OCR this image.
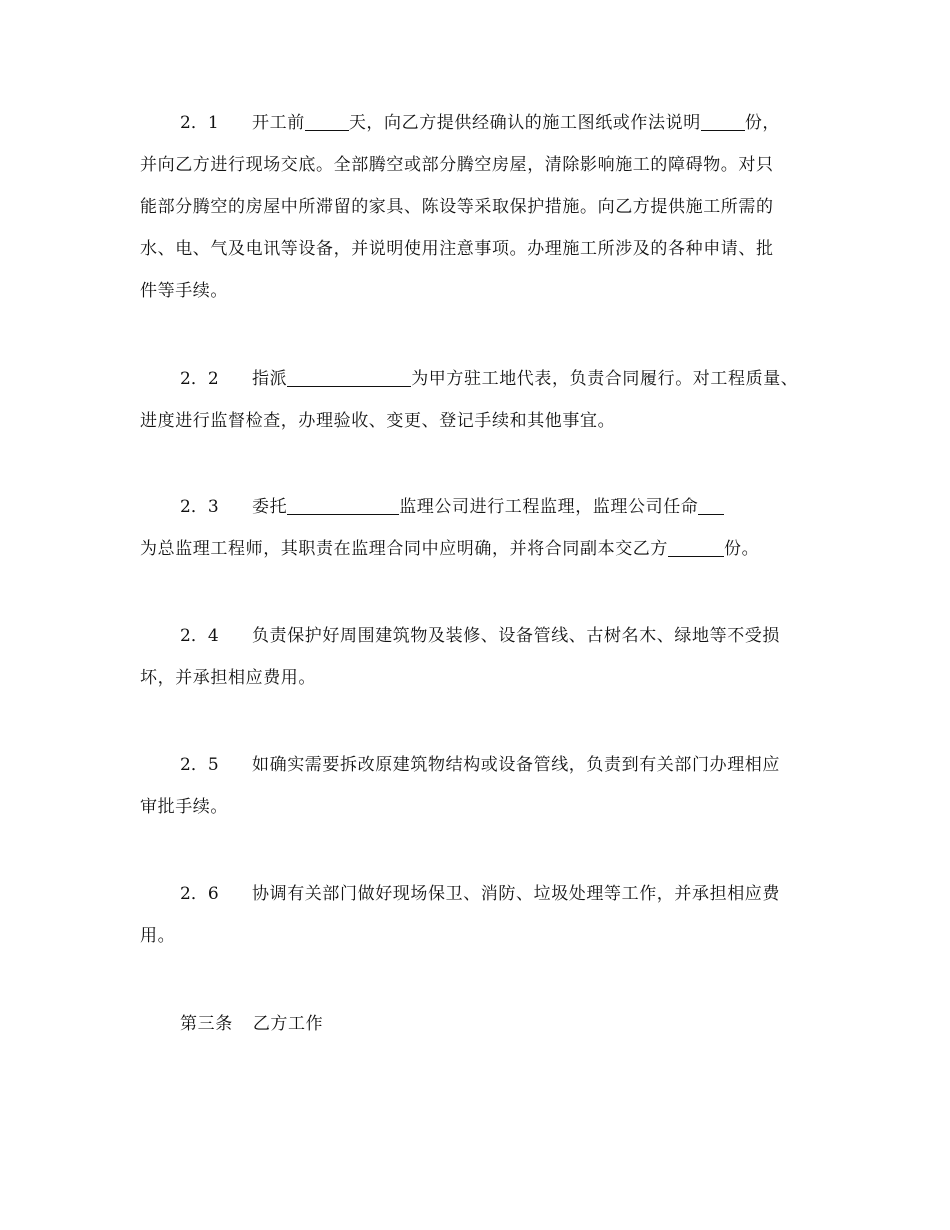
2．1 开工前	天，向乙方提供经确认的施工图纸或作法说明	份，
并向乙方进行现场交底。全部腾空或部分腾空房屋，清除影响施工的障碍物。对只
能部分腾空的房屋中所滞留的家具、陈设等采取保护措施。向乙方提供施工所需的
水、电、气及电讯等设备，并说明使用注意事项。办理施工所涉及的各种申请、批
件等手续。
2．2 指派	为甲方驻工地代表，负责合同履行。对工程质量、
进度进行监督检查，办理验收、变更、登记手续和其他事宜。
2．3 委托	监理公司进行工程监理，监理公司任命
为总监理工程师，其职责在监理合同中应明确，并将合同副本交乙方	份。
2．4 负责保护好周围建筑物及装修、设备管线、古树名木、绿地等不受损
坏，并承担相应费用。
2．5 如确实需要拆改原建筑物结构或设备管线，负责到有关部门办理相应
审批手续。
2．6 协调有关部门做好现场保卫、消防、垃圾处理等工作，并承担相应费
用。
第三条 乙方工作
